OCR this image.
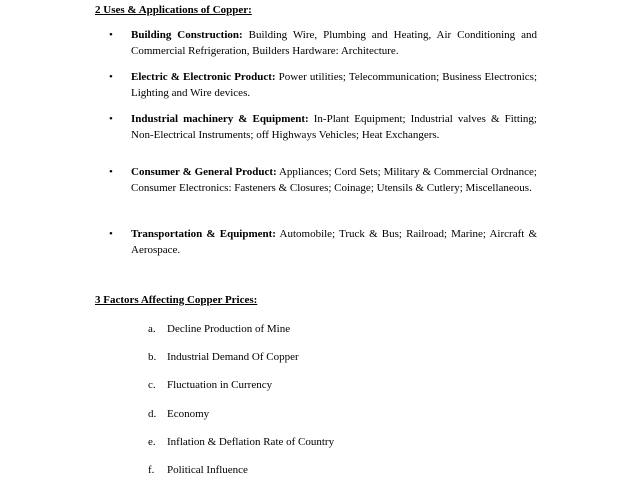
2 Uses & Applications of Copper:
• Building Construction: Building Wire, Plumbing and Heating, Air Conditioning and Commercial Refrigeration, Builders Hardware: Architecture.
• Electric & Electronic Product: Power utilities; Telecommunication; Business Electronics; Lighting and Wire devices.
• Industrial machinery & Equipment: In-Plant Equipment; Industrial valves & Fitting; Non-Electrical Instruments; off Highways Vehicles; Heat Exchangers.
• Consumer & General Product: Appliances; Cord Sets; Military & Commercial Ordnance; Consumer Electronics: Fasteners & Closures; Coinage; Utensils & Cutlery; Miscellaneous.
• Transportation & Equipment: Automobile; Truck & Bus; Railroad; Marine; Aircraft & Aerospace.
3 Factors Affecting Copper Prices:
a. Decline Production of Mine
b. Industrial Demand Of Copper
c. Fluctuation in Currency
d. Economy
e. Inflation & Deflation Rate of Country
f. Political Influence
